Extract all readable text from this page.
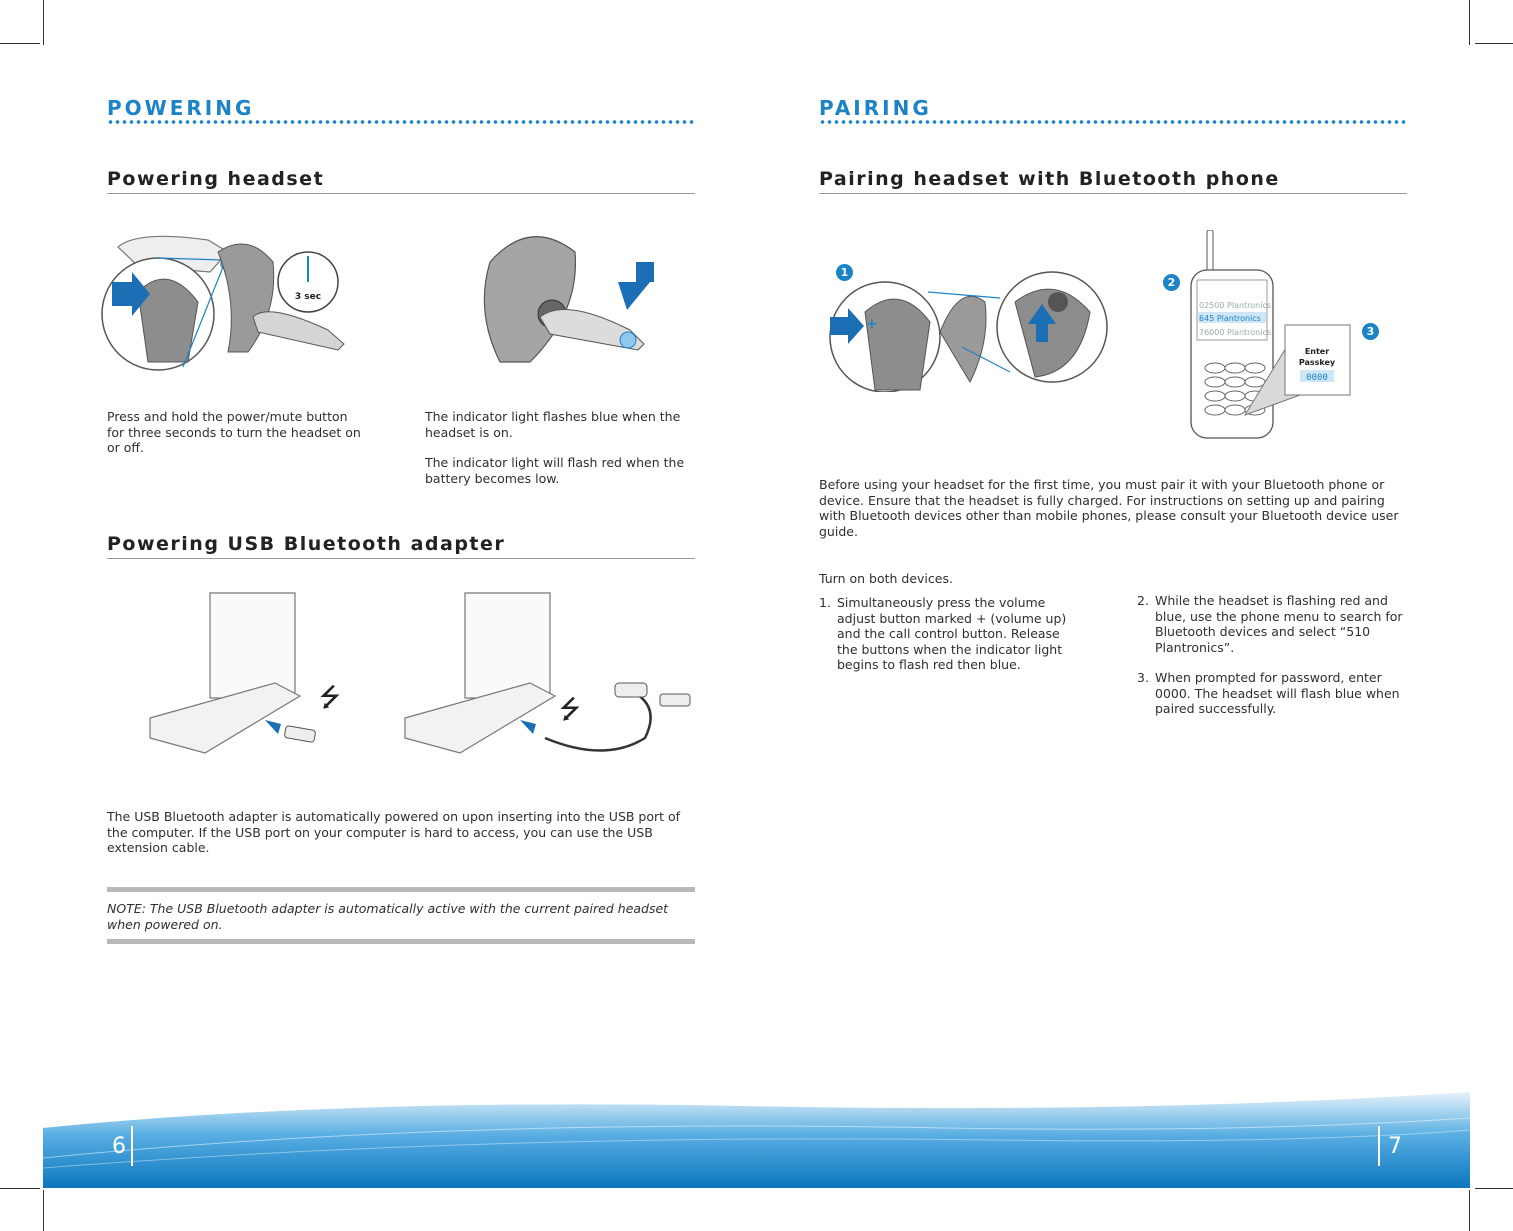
POWERING
Powering headset
3 sec
Press and hold the power/mute button for three seconds to turn the headset on or off.

The indicator light flashes blue when the headset is on.

The indicator light will flash red when the battery becomes low.

Powering USB Bluetooth adapter
⭍	⭍
The USB Bluetooth adapter is automatically powered on upon inserting into the USB port of the computer. If the USB port on your computer is hard to access, you can use the USB extension cable.
NOTE: The USB Bluetooth adapter is automatically active with the current paired headset when powered on.
PAIRING
Pairing headset with Bluetooth phone
1
+
2
3
02500 Plantronics
645 Plantronics
76000 Plantronics
Enter
Passkey
0000
Before using your headset for the first time, you must pair it with your Bluetooth phone or device. Ensure that the headset is fully charged. For instructions on setting up and pairing with Bluetooth devices other than mobile phones, please consult your Bluetooth device user guide.
Turn on both devices.
1. Simultaneously press the volume adjust button marked + (volume up) and the call control button. Release the buttons when the indicator light begins to flash red then blue.
2. While the headset is flashing red and blue, use the phone menu to search for Bluetooth devices and select “510 Plantronics”.
3. When prompted for password, enter 0000. The headset will flash blue when paired successfully.
6	7
